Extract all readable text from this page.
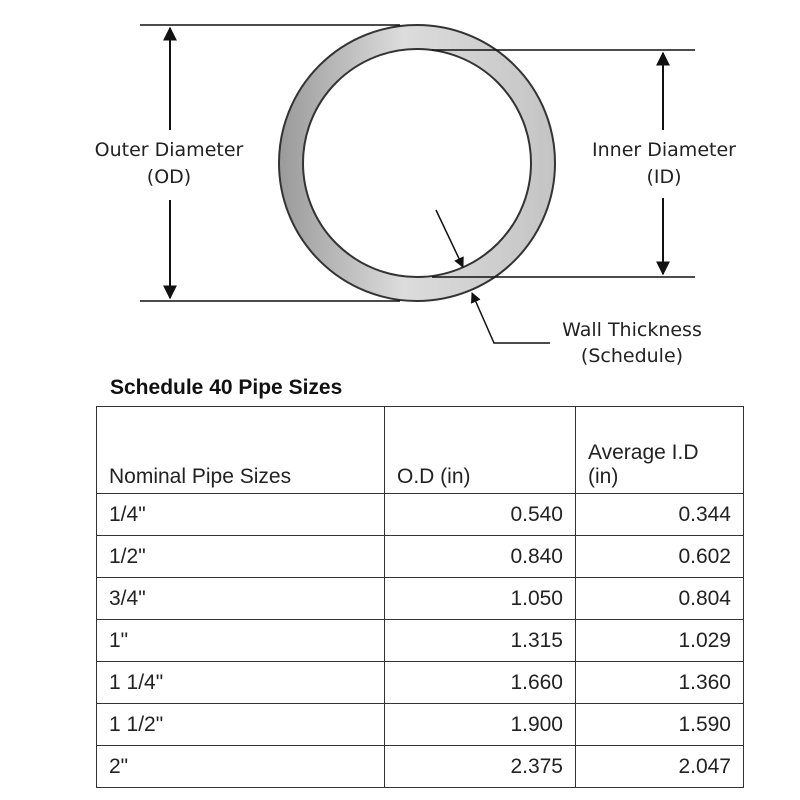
Outer Diameter
(OD)
Inner Diameter
(ID)
Wall Thickness
(Schedule)
Schedule 40 Pipe Sizes
Nominal Pipe Sizes	O.D (in)	Average I.D
(in)
1/4"	0.540	0.344
1/2"	0.840	0.602
3/4"	1.050	0.804
1"	1.315	1.029
1 1/4"	1.660	1.360
1 1/2"	1.900	1.590
2"	2.375	2.047
